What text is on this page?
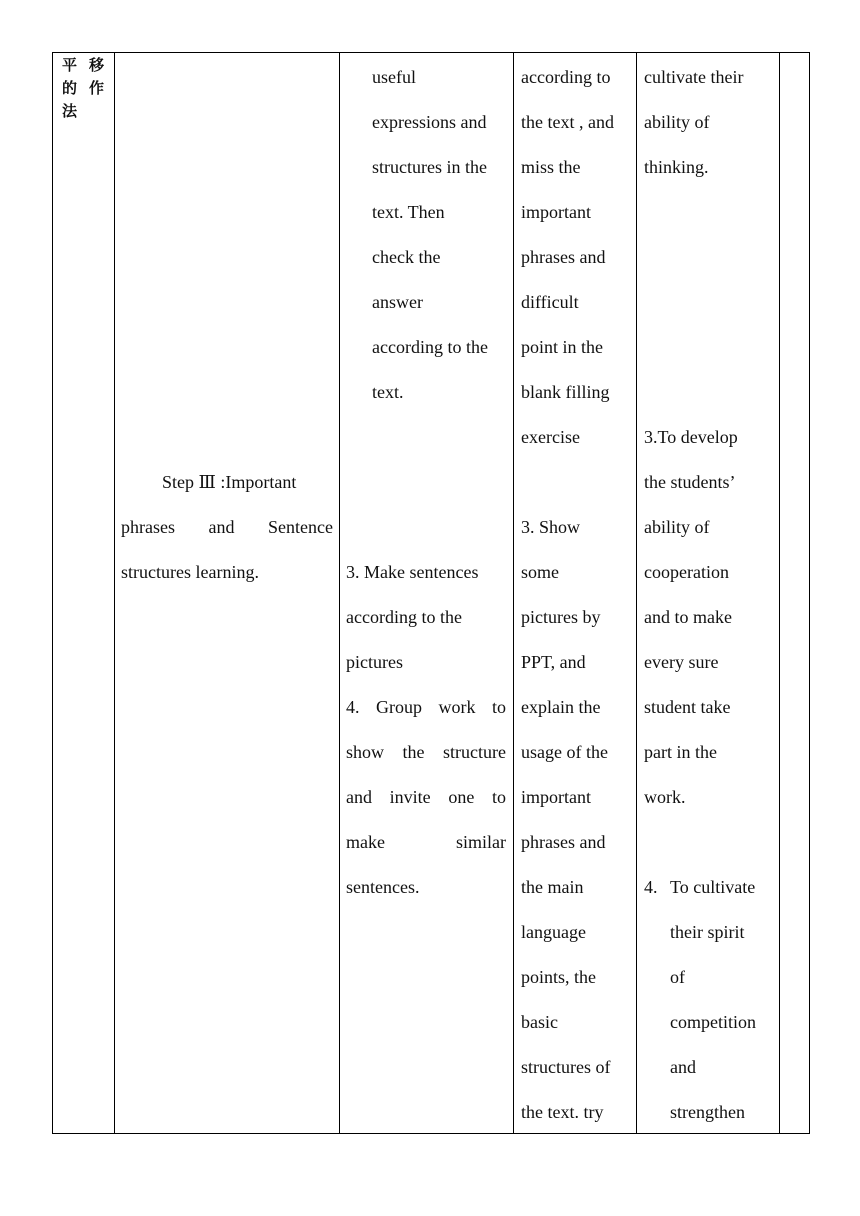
平 移
的 作
法
Step Ⅲ :Important
phrases and Sentence
structures learning.
useful
expressions and
structures in the
text. Then
check the
answer
according to the
text.
3. Make sentences
according to the
pictures
4. Group work to
show the structure
and invite one to
make similar
sentences.
according to
the text , and
miss the
important
phrases and
difficult
point in the
blank filling
exercise
3. Show
some
pictures by
PPT, and
explain the
usage of the
important
phrases and
the main
language
points, the
basic
structures of
the text. try
cultivate their
ability of
thinking.
3.To develop
the students’
ability of
cooperation
and to make
every sure
student take
part in the
work.
4. To cultivate
their spirit
of
competition
and
strengthen
